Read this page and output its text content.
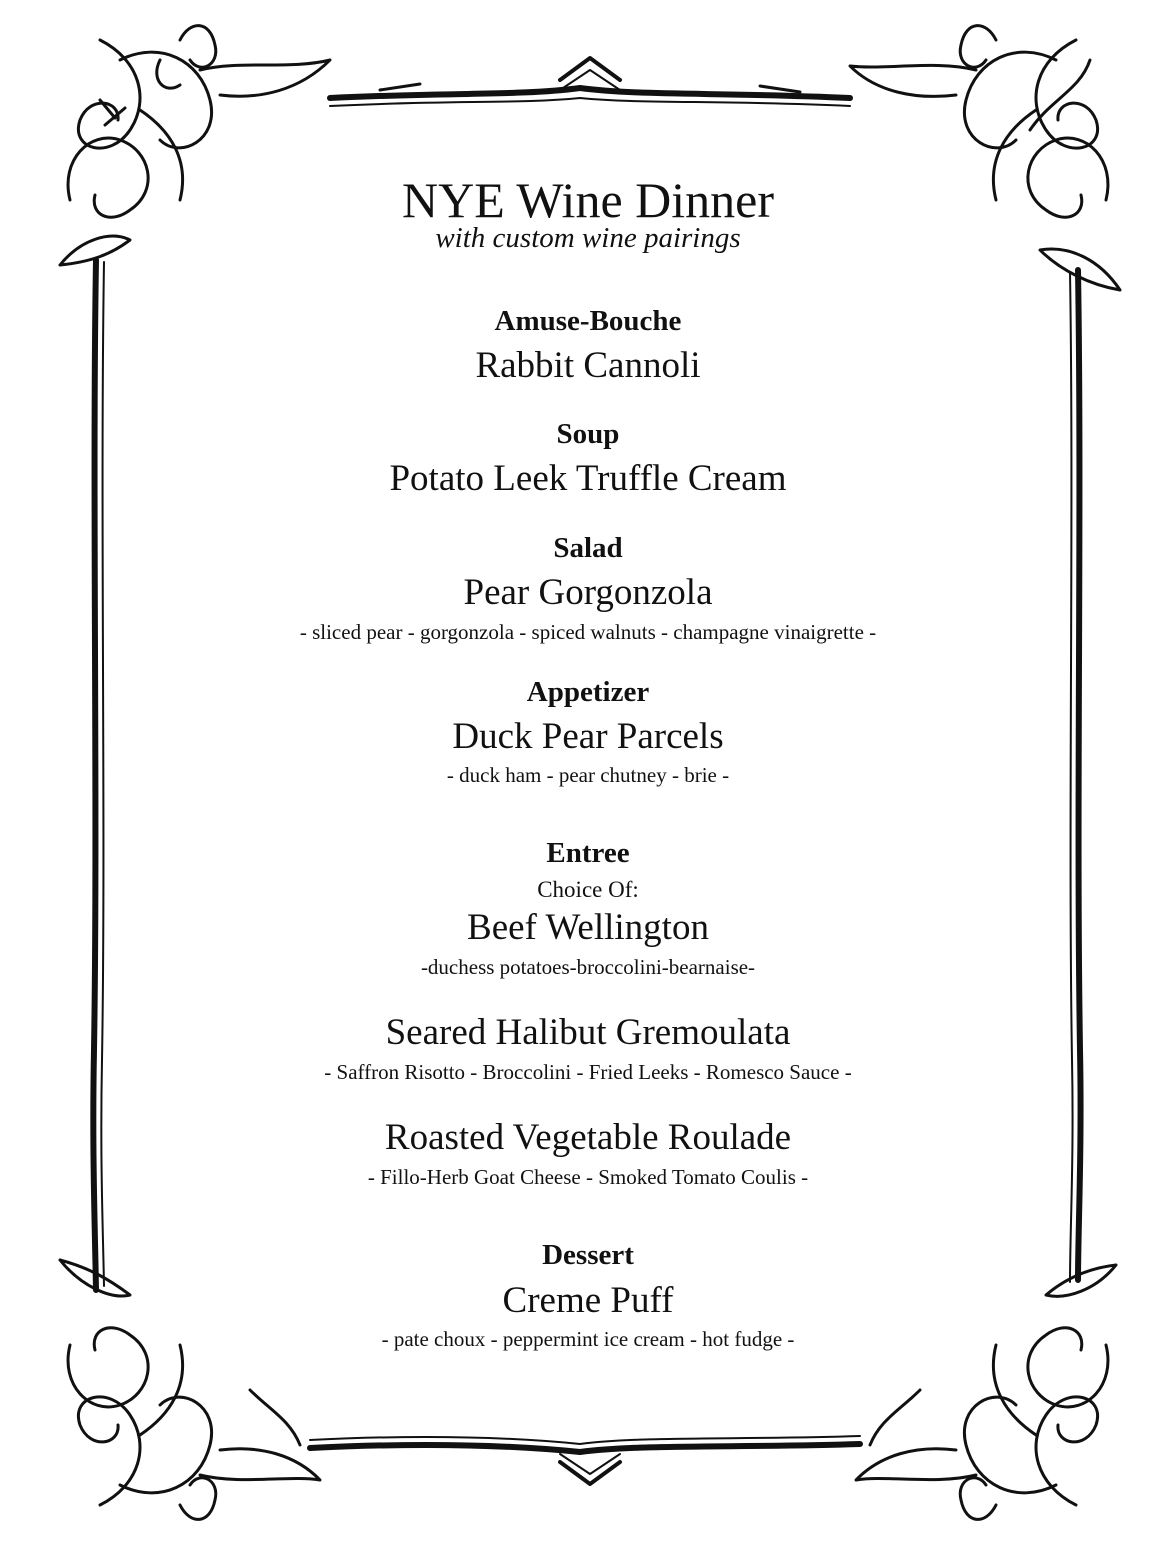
NYE Wine Dinner
with custom wine pairings
Amuse-Bouche
Rabbit Cannoli
Soup
Potato Leek Truffle Cream
Salad
Pear Gorgonzola
- sliced pear - gorgonzola - spiced walnuts - champagne vinaigrette -
Appetizer
Duck Pear Parcels
- duck ham - pear chutney - brie -
Entree
Choice Of:
Beef Wellington
-duchess potatoes-broccolini-bearnaise-
Seared Halibut Gremoulata
- Saffron Risotto - Broccolini - Fried Leeks - Romesco Sauce -
Roasted Vegetable Roulade
- Fillo-Herb Goat Cheese - Smoked Tomato Coulis -
Dessert
Creme Puff
- pate choux - peppermint ice cream - hot fudge -
